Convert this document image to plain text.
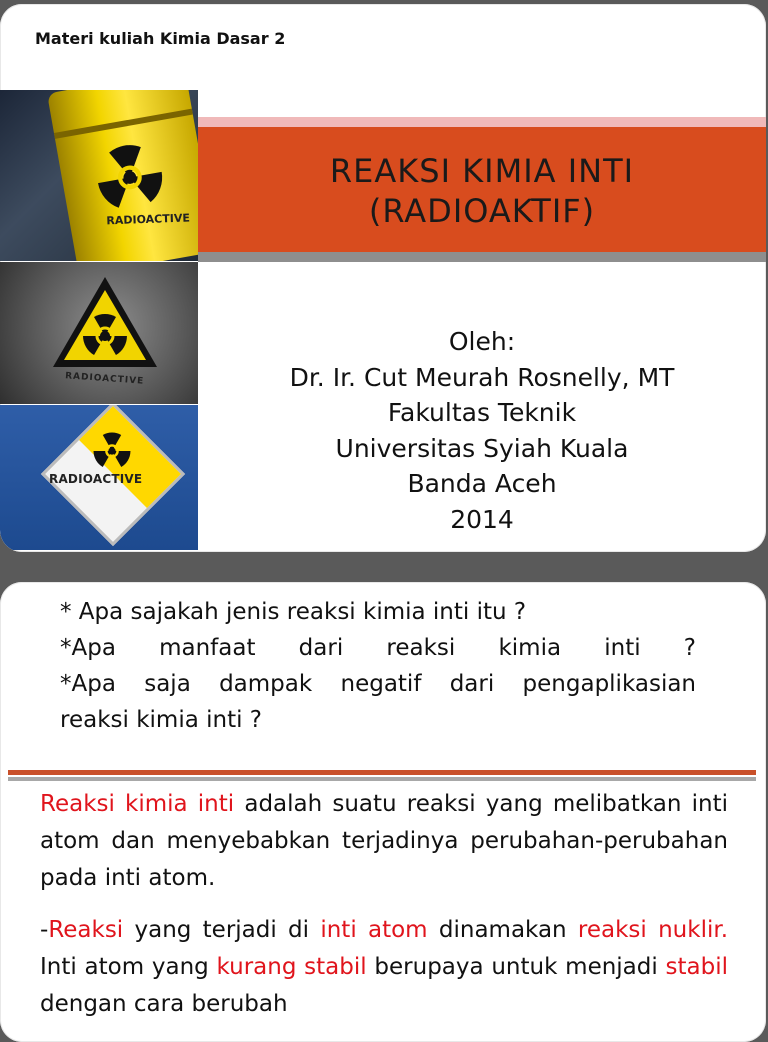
Materi kuliah Kimia Dasar 2
RADIOACTIVE
RADIOACTIVE
RADIOACTIVE
REAKSI KIMIA INTI
(RADIOAKTIF)
Oleh:
Dr. Ir. Cut Meurah Rosnelly, MT
Fakultas Teknik
Universitas Syiah Kuala
Banda Aceh
2014
* Apa sajakah jenis reaksi kimia inti itu ?
*Apa manfaat dari reaksi kimia inti ?
*Apa saja dampak negatif dari pengaplikasian
reaksi kimia inti ?
Reaksi kimia inti adalah suatu reaksi yang melibatkan inti atom dan menyebabkan terjadinya perubahan-perubahan pada inti atom.
-Reaksi yang terjadi di inti atom dinamakan reaksi nuklir. Inti atom yang kurang stabil berupaya untuk menjadi stabil dengan cara berubah
